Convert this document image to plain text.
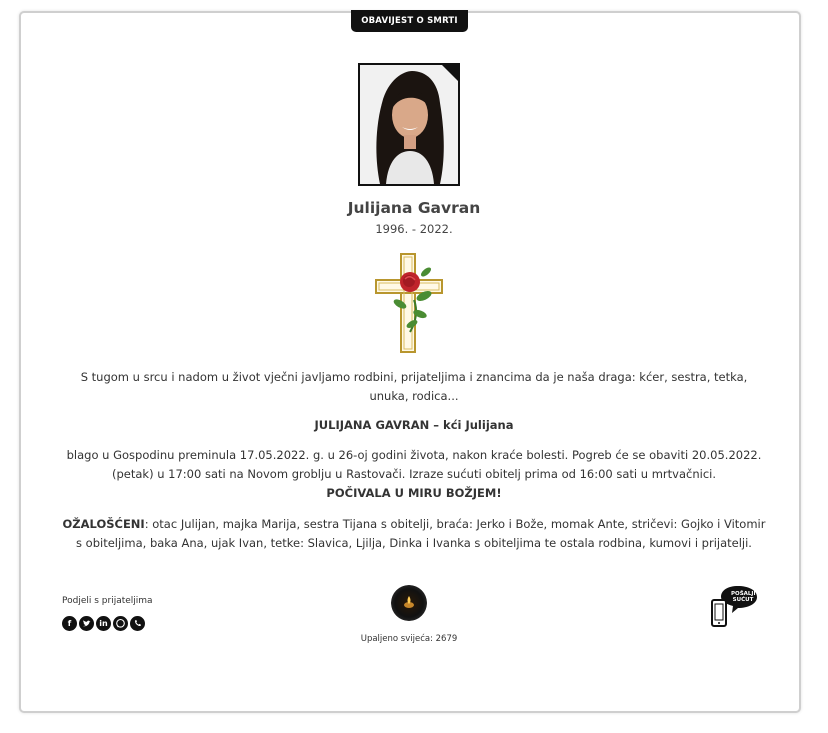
OBAVIJEST O SMRTI
Julijana Gavran
1996. - 2022.
S tugom u srcu i nadom u život vječni javljamo rodbini, prijateljima i znancima da je naša draga: kćer, sestra, tetka, unuka, rodica...
JULIJANA GAVRAN – kći Julijana
blago u Gospodinu preminula 17.05.2022. g. u 26-oj godini života, nakon kraće bolesti. Pogreb će se obaviti 20.05.2022. (petak) u 17:00 sati na Novom groblju u Rastovači. Izraze sućuti obitelj prima od 16:00 sati u mrtvačnici.
POČIVALA U MIRU BOŽJEM!
OŽALOŠĆENI: otac Julijan, majka Marija, sestra Tijana s obitelji, braća: Jerko i Bože, momak Ante, stričevi: Gojko i Vitomir s obiteljima, baka Ana, ujak Ivan, tetke: Slavica, Ljilja, Dinka i Ivanka s obiteljima te ostala rodbina, kumovi i prijatelji.
Podjeli s prijateljima
f	in
Upaljeno svijeća: 2679
POŠALJI
SUĆUT
